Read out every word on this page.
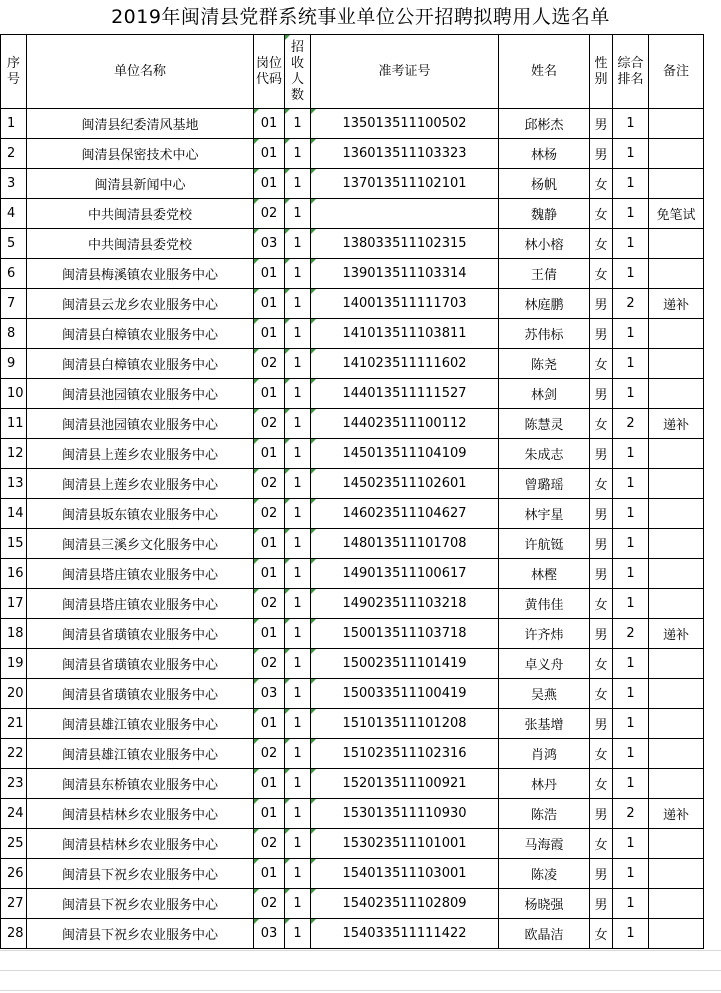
2019年闽清县党群系统事业单位公开招聘拟聘用人选名单
序号	单位名称	岗位代码	招收人数	准考证号	姓名	性别	综合排名	备注
1	闽清县纪委清风基地	01	1	135013511100502	邱彬杰	男	1	
2	闽清县保密技术中心	01	1	136013511103323	林杨	男	1	
3	闽清县新闻中心	01	1	137013511102101	杨帆	女	1	
4	中共闽清县委党校	02	1		魏静	女	1	免笔试
5	中共闽清县委党校	03	1	138033511102315	林小榕	女	1	
6	闽清县梅溪镇农业服务中心	01	1	139013511103314	王倩	女	1	
7	闽清县云龙乡农业服务中心	01	1	140013511111703	林庭鹏	男	2	递补
8	闽清县白樟镇农业服务中心	01	1	141013511103811	苏伟标	男	1	
9	闽清县白樟镇农业服务中心	02	1	141023511111602	陈尧	女	1	
10	闽清县池园镇农业服务中心	01	1	144013511111527	林剑	男	1	
11	闽清县池园镇农业服务中心	02	1	144023511100112	陈慧灵	女	2	递补
12	闽清县上莲乡农业服务中心	01	1	145013511104109	朱成志	男	1	
13	闽清县上莲乡农业服务中心	02	1	145023511102601	曾璐瑶	女	1	
14	闽清县坂东镇农业服务中心	02	1	146023511104627	林宇星	男	1	
15	闽清县三溪乡文化服务中心	01	1	148013511101708	许航铤	男	1	
16	闽清县塔庄镇农业服务中心	01	1	149013511100617	林樫	男	1	
17	闽清县塔庄镇农业服务中心	02	1	149023511103218	黄伟佳	女	1	
18	闽清县省璜镇农业服务中心	01	1	150013511103718	许齐炜	男	2	递补
19	闽清县省璜镇农业服务中心	02	1	150023511101419	卓义舟	女	1	
20	闽清县省璜镇农业服务中心	03	1	150033511100419	吴燕	女	1	
21	闽清县雄江镇农业服务中心	01	1	151013511101208	张基增	男	1	
22	闽清县雄江镇农业服务中心	02	1	151023511102316	肖鸿	女	1	
23	闽清县东桥镇农业服务中心	01	1	152013511100921	林丹	女	1	
24	闽清县桔林乡农业服务中心	01	1	153013511110930	陈浩	男	2	递补
25	闽清县桔林乡农业服务中心	02	1	153023511101001	马海霞	女	1	
26	闽清县下祝乡农业服务中心	01	1	154013511103001	陈凌	男	1	
27	闽清县下祝乡农业服务中心	02	1	154023511102809	杨晓强	男	1	
28	闽清县下祝乡农业服务中心	03	1	154033511111422	欧晶洁	女	1	
